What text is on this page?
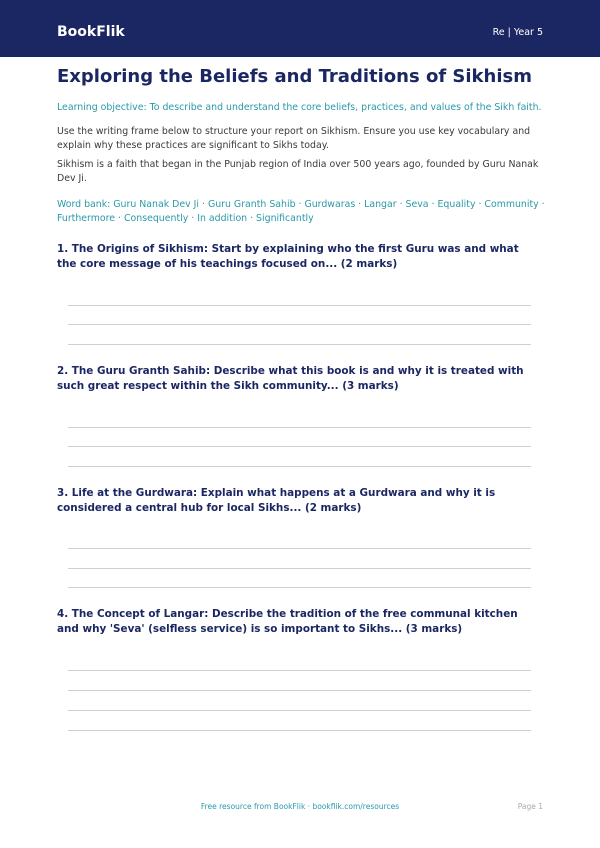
BookFlik	Re | Year 5
Exploring the Beliefs and Traditions of Sikhism
Learning objective: To describe and understand the core beliefs, practices, and values of the Sikh faith.
Use the writing frame below to structure your report on Sikhism. Ensure you use key vocabulary and explain why these practices are significant to Sikhs today.
Sikhism is a faith that began in the Punjab region of India over 500 years ago, founded by Guru Nanak Dev Ji.
Word bank: Guru Nanak Dev Ji · Guru Granth Sahib · Gurdwaras · Langar · Seva · Equality · Community · Furthermore · Consequently · In addition · Significantly
1. The Origins of Sikhism: Start by explaining who the first Guru was and what the core message of his teachings focused on... (2 marks)
2. The Guru Granth Sahib: Describe what this book is and why it is treated with such great respect within the Sikh community... (3 marks)
3. Life at the Gurdwara: Explain what happens at a Gurdwara and why it is considered a central hub for local Sikhs... (2 marks)
4. The Concept of Langar: Describe the tradition of the free communal kitchen and why 'Seva' (selfless service) is so important to Sikhs... (3 marks)
Free resource from BookFlik · bookflik.com/resources	Page 1
